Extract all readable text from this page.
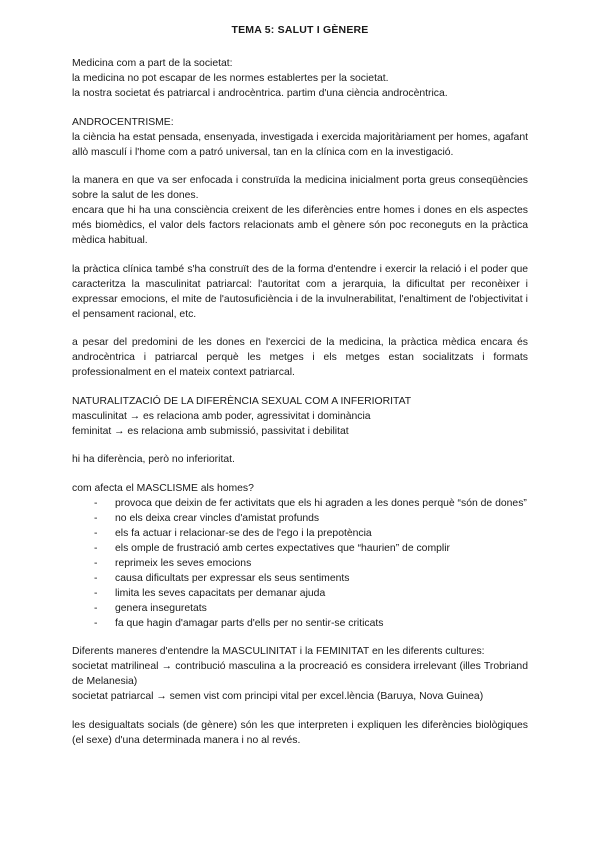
TEMA 5: SALUT I GÈNERE

Medicina com a part de la societat:

la medicina no pot escapar de les normes establertes per la societat.

la nostra societat és patriarcal i androcèntrica. partim d'una ciència androcèntrica.

ANDROCENTRISME:

la ciència ha estat pensada, ensenyada, investigada i exercida majoritàriament per homes, agafant allò masculí i l'home com a patró universal, tan en la clínica com en la investigació.

la manera en que va ser enfocada i construïda la medicina inicialment porta greus conseqüències sobre la salut de les dones.

encara que hi ha una consciència creixent de les diferències entre homes i dones en els aspectes més biomèdics, el valor dels factors relacionats amb el gènere són poc reconeguts en la pràctica mèdica habitual.

la pràctica clínica també s'ha construït des de la forma d'entendre i exercir la relació i el poder que caracteritza la masculinitat patriarcal: l'autoritat com a jerarquia, la dificultat per reconèixer i expressar emocions, el mite de l'autosuficiència i de la invulnerabilitat, l'enaltiment de l'objectivitat i el pensament racional, etc.

a pesar del predomini de les dones en l'exercici de la medicina, la pràctica mèdica encara és androcèntrica i patriarcal perquè les metges i els metges estan socialitzats i formats professionalment en el mateix context patriarcal.

NATURALITZACIÓ DE LA DIFERÈNCIA SEXUAL COM A INFERIORITAT

masculinitat → es relaciona amb poder, agressivitat i dominància

feminitat → es relaciona amb submissió, passivitat i debilitat

hi ha diferència, però no inferioritat.

com afecta el MASCLISME als homes?

- provoca que deixin de fer activitats que els hi agraden a les dones perquè “són de dones”
- no els deixa crear vincles d'amistat profunds
- els fa actuar i relacionar-se des de l'ego i la prepotència
- els omple de frustració amb certes expectatives que “haurien” de complir
- reprimeix les seves emocions
- causa dificultats per expressar els seus sentiments
- limita les seves capacitats per demanar ajuda
- genera inseguretats
- fa que hagin d'amagar parts d'ells per no sentir-se criticats

Diferents maneres d'entendre la MASCULINITAT i la FEMINITAT en les diferents cultures:

societat matrilineal → contribució masculina a la procreació es considera irrelevant (illes Trobriand de Melanesia)

societat patriarcal → semen vist com principi vital per excel.lència (Baruya, Nova Guinea)

les desigualtats socials (de gènere) són les que interpreten i expliquen les diferències biològiques (el sexe) d'una determinada manera i no al revés.
